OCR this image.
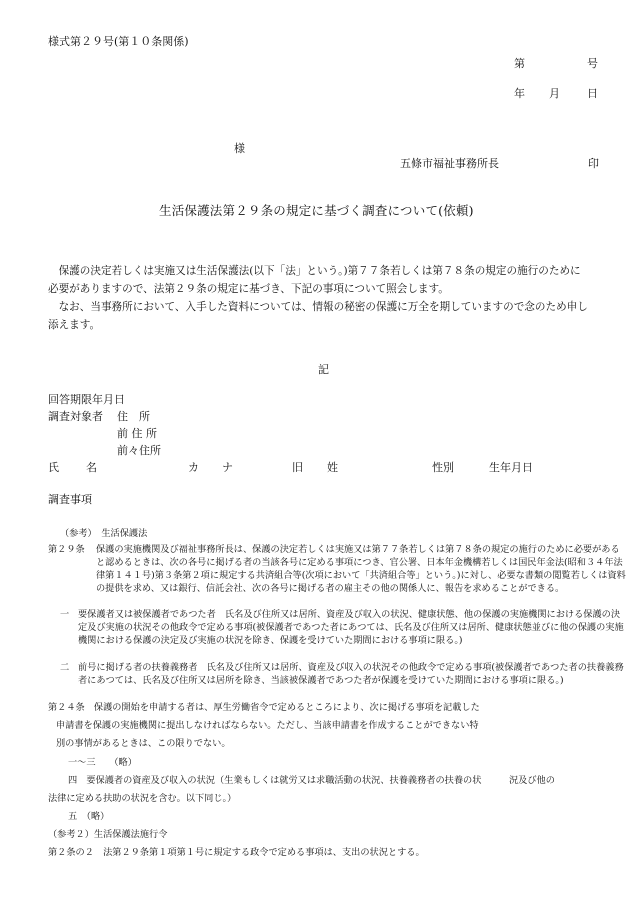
様式第２９号(第１０条関係)
第	号
年 月 日
様
五條市福祉事務所長	印
生活保護法第２９条の規定に基づく調査について(依頼)
保護の決定若しくは実施又は生活保護法(以下「法」という。)第７７条若しくは第７８条の規定の施行のために必要がありますので、法第２９条の規定に基づき、下記の事項について照会します。
なお、当事務所において、入手した資料については、情報の秘密の保護に万全を期していますので念のため申し添えます。
記
回答期限年月日
調査対象者 住　所
前 住 所
前々住所
氏 名	カ ナ	旧 姓	性別	生年月日
調査事項
（参考）　生活保護法
第２９条 保護の実施機関及び福祉事務所長は、保護の決定若しくは実施又は第７７条若しくは第７８条の規定の施行のために必要があると認めるときは、次の各号に掲げる者の当該各号に定める事項につき、官公署、日本年金機構若しくは国民年金法(昭和３４年法律第１４１号)第３条第２項に規定する共済組合等(次項において「共済組合等」という。)に対し、必要な書類の閲覧若しくは資料の提供を求め、又は銀行、信託会社、次の各号に掲げる者の雇主その他の関係人に、報告を求めることができる。
一 要保護者又は被保護者であつた者　氏名及び住所又は居所、資産及び収入の状況、健康状態、他の保護の実施機関における保護の決定及び実施の状況その他政令で定める事項(被保護者であつた者にあつては、氏名及び住所又は居所、健康状態並びに他の保護の実施機関における保護の決定及び実施の状況を除き、保護を受けていた期間における事項に限る。)
二 前号に掲げる者の扶養義務者　氏名及び住所又は居所、資産及び収入の状況その他政令で定める事項(被保護者であつた者の扶養義務者にあつては、氏名及び住所又は居所を除き、当該被保護者であつた者が保護を受けていた期間における事項に限る。)
第２４条　保護の開始を申請する者は、厚生労働省令で定めるところにより、次に掲げる事項を記載した
申請書を保護の実施機関に提出しなければならない。ただし、当該申請書を作成することができない特
別の事情があるときは、この限りでない。
一〜三　　（略）
四　要保護者の資産及び収入の状況（生業もしくは就労又は求職活動の状況、扶養義務者の扶養の状　　　況及び他の
法律に定める扶助の状況を含む。以下同じ。）
五　（略）
（参考２）生活保護法施行令
第２条の２　法第２９条第１項第１号に規定する政令で定める事項は、支出の状況とする。
